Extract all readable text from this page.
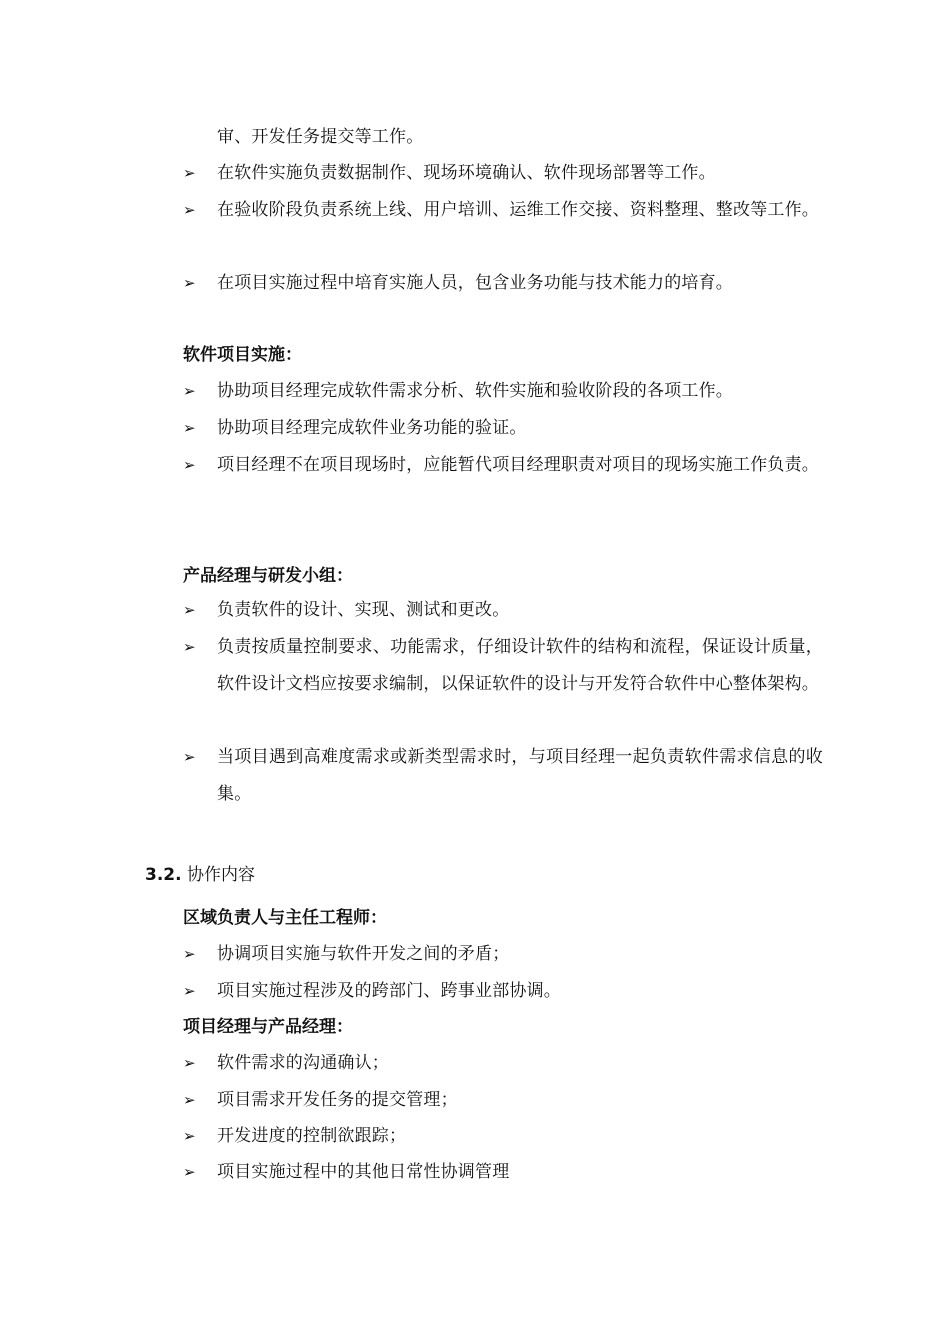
审、开发任务提交等工作。
➢ 在软件实施负责数据制作、现场环境确认、软件现场部署等工作。
➢ 在验收阶段负责系统上线、用户培训、运维工作交接、资料整理、整改等工作。
➢ 在项目实施过程中培育实施人员，包含业务功能与技术能力的培育。
软件项目实施：
➢ 协助项目经理完成软件需求分析、软件实施和验收阶段的各项工作。
➢ 协助项目经理完成软件业务功能的验证。
➢ 项目经理不在项目现场时，应能暂代项目经理职责对项目的现场实施工作负责。
产品经理与研发小组：
➢ 负责软件的设计、实现、测试和更改。
➢ 负责按质量控制要求、功能需求，仔细设计软件的结构和流程，保证设计质量，软件设计文档应按要求编制，以保证软件的设计与开发符合软件中心整体架构。
➢ 当项目遇到高难度需求或新类型需求时，与项目经理一起负责软件需求信息的收集。
3.2. 协作内容
区域负责人与主任工程师：
➢ 协调项目实施与软件开发之间的矛盾；
➢ 项目实施过程涉及的跨部门、跨事业部协调。
项目经理与产品经理：
➢ 软件需求的沟通确认；
➢ 项目需求开发任务的提交管理；
➢ 开发进度的控制欲跟踪；
➢ 项目实施过程中的其他日常性协调管理
